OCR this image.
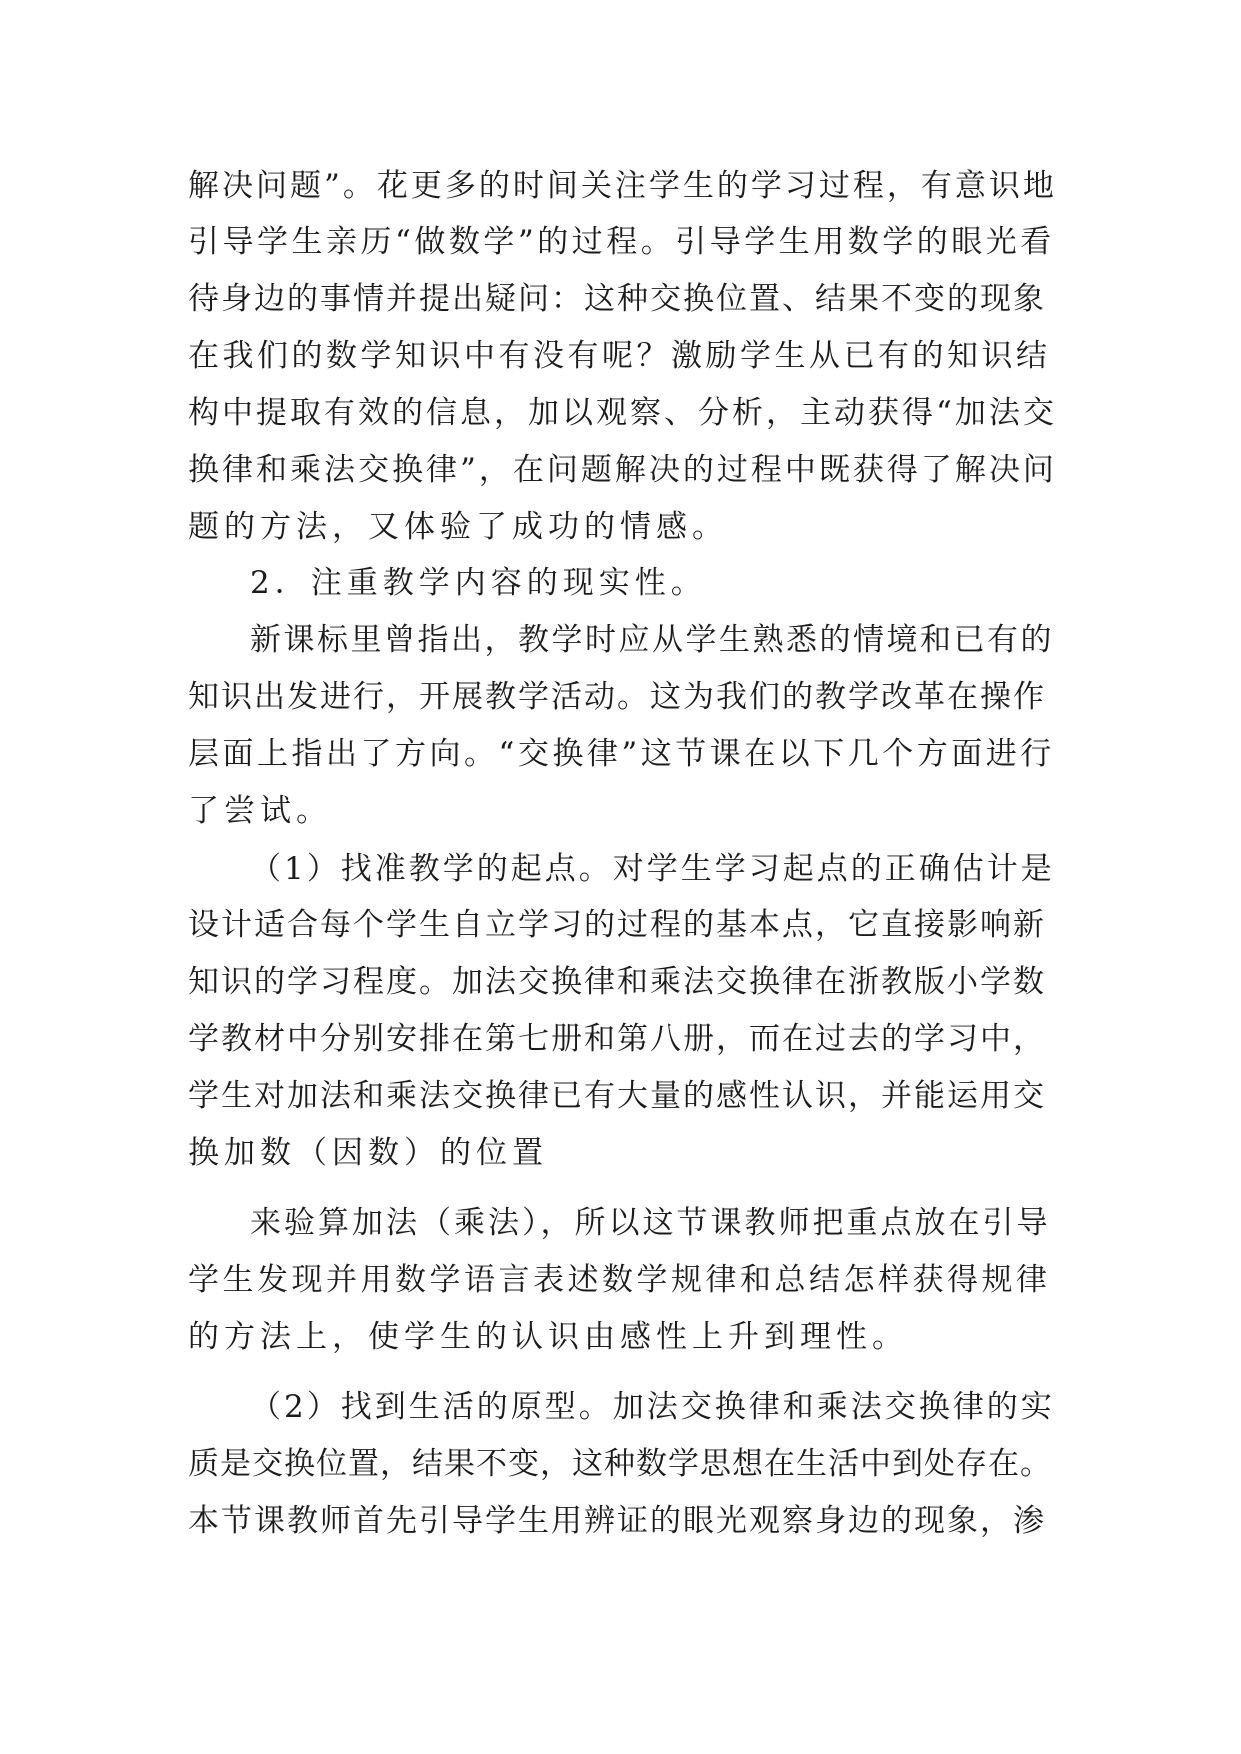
解决问题”。花更多的时间关注学生的学习过程，有意识地
引导学生亲历“做数学”的过程。引导学生用数学的眼光看
待身边的事情并提出疑问：这种交换位置、结果不变的现象
在我们的数学知识中有没有呢？激励学生从已有的知识结
构中提取有效的信息，加以观察、分析，主动获得“加法交
换律和乘法交换律”，在问题解决的过程中既获得了解决问
题的方法，又体验了成功的情感。
2．注重教学内容的现实性。
新课标里曾指出，教学时应从学生熟悉的情境和已有的
知识出发进行，开展教学活动。这为我们的教学改革在操作
层面上指出了方向。“交换律”这节课在以下几个方面进行
了尝试。
（1）找准教学的起点。对学生学习起点的正确估计是
设计适合每个学生自立学习的过程的基本点，它直接影响新
知识的学习程度。加法交换律和乘法交换律在浙教版小学数
学教材中分别安排在第七册和第八册，而在过去的学习中，
学生对加法和乘法交换律已有大量的感性认识，并能运用交
换加数（因数）的位置
来验算加法（乘法），所以这节课教师把重点放在引导
学生发现并用数学语言表述数学规律和总结怎样获得规律
的方法上，使学生的认识由感性上升到理性。
（2）找到生活的原型。加法交换律和乘法交换律的实
质是交换位置，结果不变，这种数学思想在生活中到处存在。
本节课教师首先引导学生用辨证的眼光观察身边的现象，渗
